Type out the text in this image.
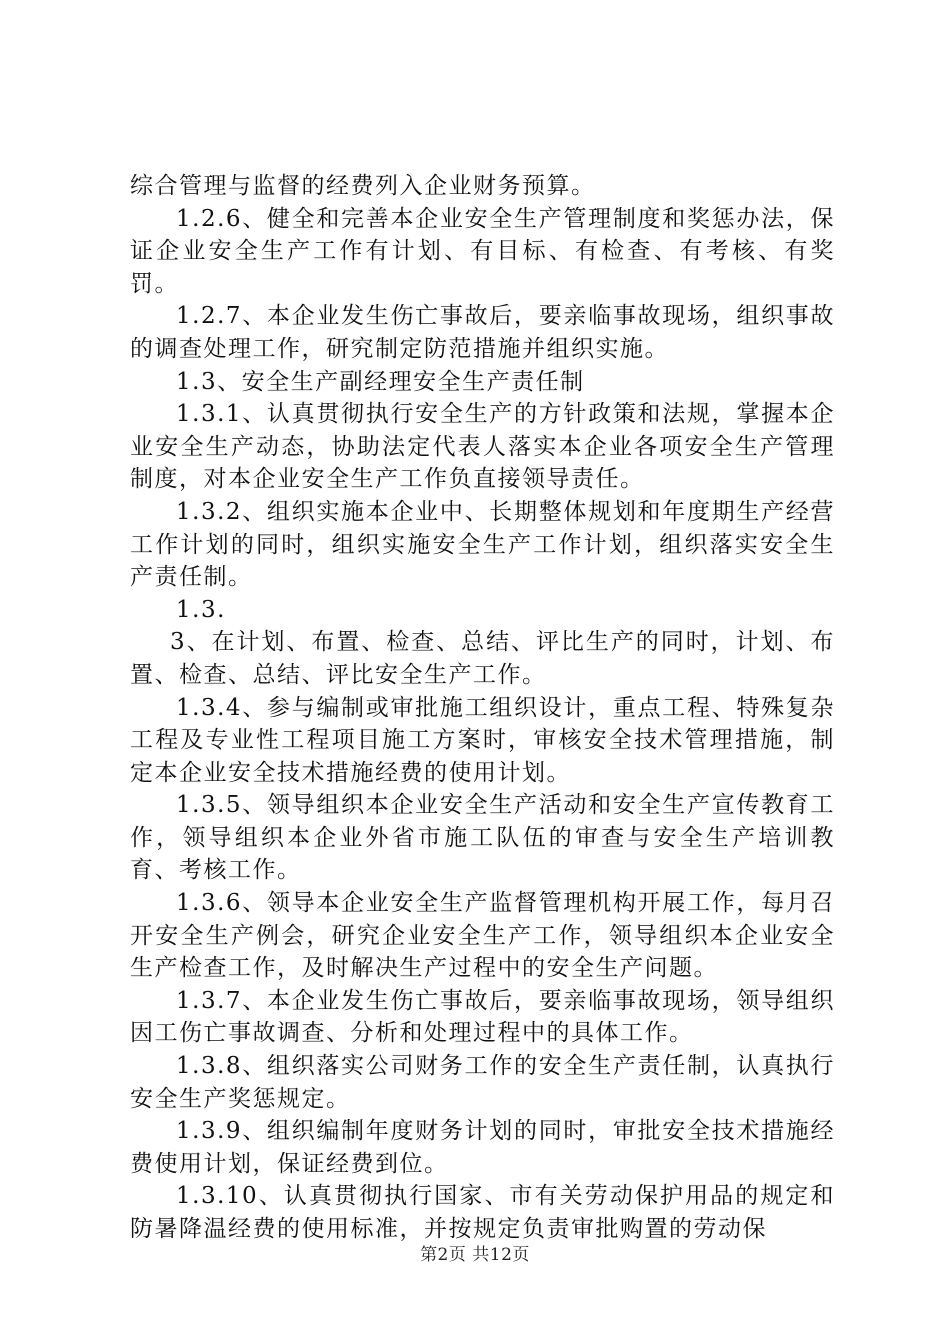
综合管理与监督的经费列入企业财务预算。

1.2.6、健全和完善本企业安全生产管理制度和奖惩办法，保证企业安全生产工作有计划、有目标、有检查、有考核、有奖罚。

1.2.7、本企业发生伤亡事故后，要亲临事故现场，组织事故的调查处理工作，研究制定防范措施并组织实施。

1.3、安全生产副经理安全生产责任制

1.3.1、认真贯彻执行安全生产的方针政策和法规，掌握本企业安全生产动态，协助法定代表人落实本企业各项安全生产管理制度，对本企业安全生产工作负直接领导责任。

1.3.2、组织实施本企业中、长期整体规划和年度期生产经营工作计划的同时，组织实施安全生产工作计划，组织落实安全生产责任制。

1.3.

3、在计划、布置、检查、总结、评比生产的同时，计划、布置、检查、总结、评比安全生产工作。

1.3.4、参与编制或审批施工组织设计，重点工程、特殊复杂工程及专业性工程项目施工方案时，审核安全技术管理措施，制定本企业安全技术措施经费的使用计划。

1.3.5、领导组织本企业安全生产活动和安全生产宣传教育工作，领导组织本企业外省市施工队伍的审查与安全生产培训教育、考核工作。

1.3.6、领导本企业安全生产监督管理机构开展工作，每月召开安全生产例会，研究企业安全生产工作，领导组织本企业安全生产检查工作，及时解决生产过程中的安全生产问题。

1.3.7、本企业发生伤亡事故后，要亲临事故现场，领导组织因工伤亡事故调查、分析和处理过程中的具体工作。

1.3.8、组织落实公司财务工作的安全生产责任制，认真执行安全生产奖惩规定。

1.3.9、组织编制年度财务计划的同时，审批安全技术措施经费使用计划，保证经费到位。

1.3.10、认真贯彻执行国家、市有关劳动保护用品的规定和防暑降温经费的使用标准，并按规定负责审批购置的劳动保

第2页 共12页
